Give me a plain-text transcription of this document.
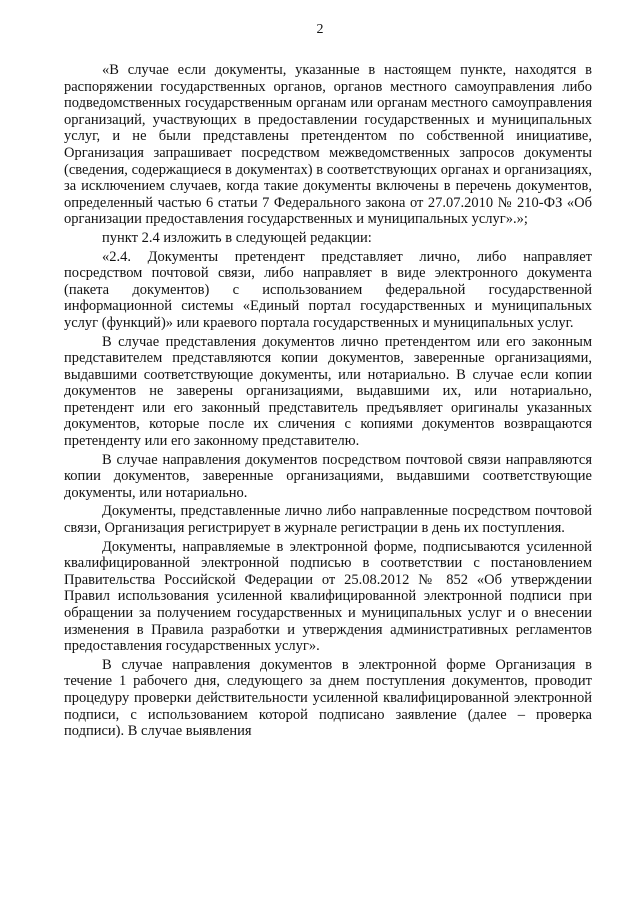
2

«В случае если документы, указанные в настоящем пункте, находятся в распоряжении государственных органов, органов местного самоуправления либо подведомственных государственным органам или органам местного самоуправления организаций, участвующих в предоставлении государственных и муниципальных услуг, и не были представлены претендентом по собственной инициативе, Организация запрашивает посредством межведомственных запросов документы (сведения, содержащиеся в документах) в соответствующих органах и организациях, за исключением случаев, когда такие документы включены в перечень документов, определенный частью 6 статьи 7 Федерального закона от 27.07.2010 № 210-ФЗ «Об организации предоставления государственных и муниципальных услуг».»;

пункт 2.4 изложить в следующей редакции:

«2.4. Документы претендент представляет лично, либо направляет посредством почтовой связи, либо направляет в виде электронного документа (пакета документов) с использованием федеральной государственной информационной системы «Единый портал государственных и муниципальных услуг (функций)» или краевого портала государственных и муниципальных услуг.

В случае представления документов лично претендентом или его законным представителем представляются копии документов, заверенные организациями, выдавшими соответствующие документы, или нотариально. В случае если копии документов не заверены организациями, выдавшими их, или нотариально, претендент или его законный представитель предъявляет оригиналы указанных документов, которые после их сличения с копиями документов возвращаются претенденту или его законному представителю.

В случае направления документов посредством почтовой связи направляются копии документов, заверенные организациями, выдавшими соответствующие документы, или нотариально.

Документы, представленные лично либо направленные посредством почтовой связи, Организация регистрирует в журнале регистрации в день их поступления.

Документы, направляемые в электронной форме, подписываются усиленной квалифицированной электронной подписью в соответствии с постановлением Правительства Российской Федерации от 25.08.2012 № 852 «Об утверждении Правил использования усиленной квалифицированной электронной подписи при обращении за получением государственных и муниципальных услуг и о внесении изменения в Правила разработки и утверждения административных регламентов предоставления государственных услуг».

В случае направления документов в электронной форме Организация в течение 1 рабочего дня, следующего за днем поступления документов, проводит процедуру проверки действительности усиленной квалифицированной электронной подписи, с использованием которой подписано заявление (далее – проверка подписи). В случае выявления
